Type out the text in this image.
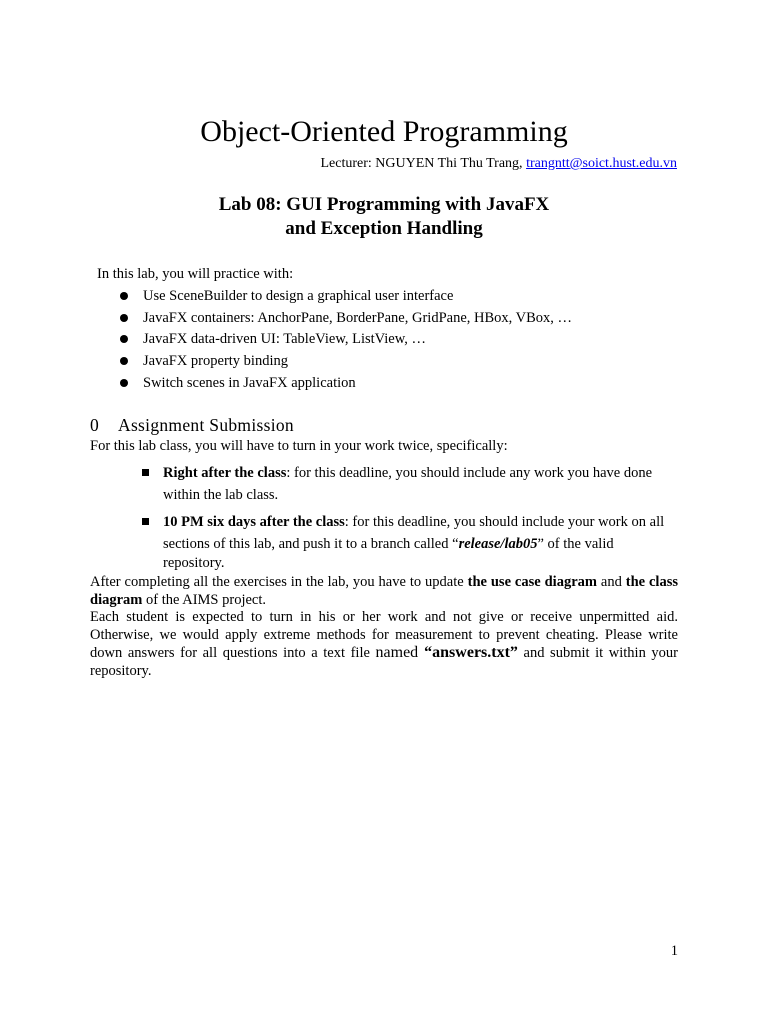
Object-Oriented Programming
Lecturer: NGUYEN Thi Thu Trang, trangntt@soict.hust.edu.vn
Lab 08: GUI Programming with JavaFX
and Exception Handling
In this lab, you will practice with:
Use SceneBuilder to design a graphical user interface
JavaFX containers: AnchorPane, BorderPane, GridPane, HBox, VBox, …
JavaFX data-driven UI: TableView, ListView, …
JavaFX property binding
Switch scenes in JavaFX application
0 Assignment Submission
For this lab class, you will have to turn in your work twice, specifically:
Right after the class: for this deadline, you should include any work you have done within the lab class.
10 PM six days after the class: for this deadline, you should include your work on all sections of this lab, and push it to a branch called “release/lab05” of the valid
repository.

After completing all the exercises in the lab, you have to update the use case diagram and the class diagram of the AIMS project.

Each student is expected to turn in his or her work and not give or receive unpermitted aid. Otherwise, we would apply extreme methods for measurement to prevent cheating. Please write down answers for all questions into a text file named “answers.txt” and submit it within your repository.

1
